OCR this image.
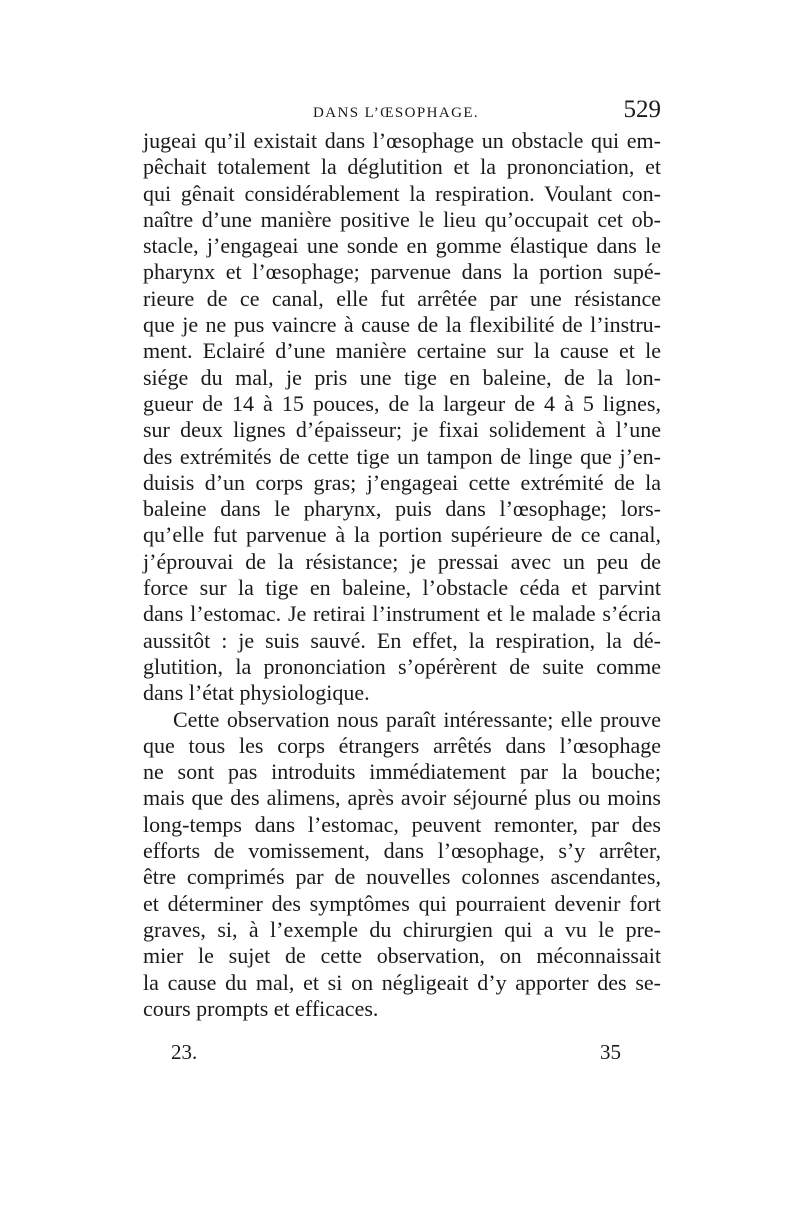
DANS L’ŒSOPHAGE.	529
jugeai qu’il existait dans l’œsophage un obstacle qui em-
pêchait totalement la déglutition et la prononciation, et
qui gênait considérablement la respiration. Voulant con-
naître d’une manière positive le lieu qu’occupait cet ob-
stacle, j’engageai une sonde en gomme élastique dans le
pharynx et l’œsophage; parvenue dans la portion supé-
rieure de ce canal, elle fut arrêtée par une résistance
que je ne pus vaincre à cause de la flexibilité de l’instru-
ment. Eclairé d’une manière certaine sur la cause et le
siége du mal, je pris une tige en baleine, de la lon-
gueur de 14 à 15 pouces, de la largeur de 4 à 5 lignes,
sur deux lignes d’épaisseur; je fixai solidement à l’une
des extrémités de cette tige un tampon de linge que j’en-
duisis d’un corps gras; j’engageai cette extrémité de la
baleine dans le pharynx, puis dans l’œsophage; lors-
qu’elle fut parvenue à la portion supérieure de ce canal,
j’éprouvai de la résistance; je pressai avec un peu de
force sur la tige en baleine, l’obstacle céda et parvint
dans l’estomac. Je retirai l’instrument et le malade s’écria
aussitôt : je suis sauvé. En effet, la respiration, la dé-
glutition, la prononciation s’opérèrent de suite comme
dans l’état physiologique.
Cette observation nous paraît intéressante; elle prouve
que tous les corps étrangers arrêtés dans l’œsophage
ne sont pas introduits immédiatement par la bouche;
mais que des alimens, après avoir séjourné plus ou moins
long-temps dans l’estomac, peuvent remonter, par des
efforts de vomissement, dans l’œsophage, s’y arrêter,
être comprimés par de nouvelles colonnes ascendantes,
et déterminer des symptômes qui pourraient devenir fort
graves, si, à l’exemple du chirurgien qui a vu le pre-
mier le sujet de cette observation, on méconnaissait
la cause du mal, et si on négligeait d’y apporter des se-
cours prompts et efficaces.
23.	35
